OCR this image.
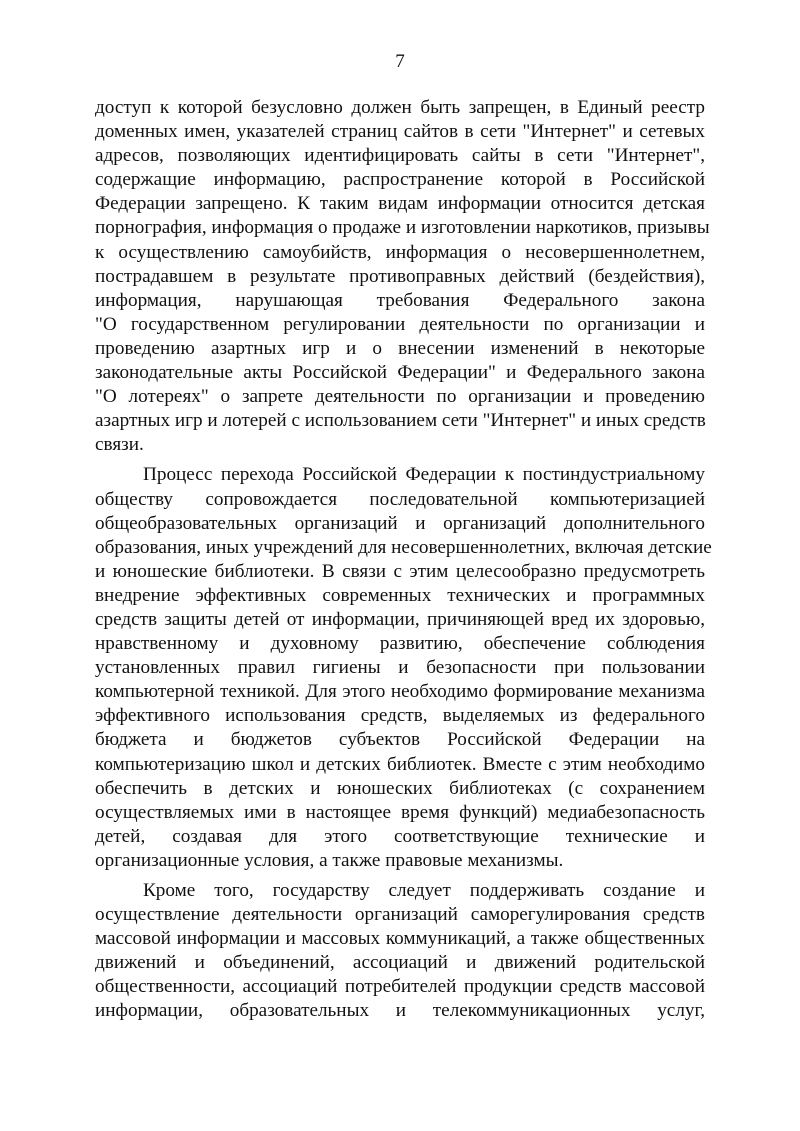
7
доступ к которой безусловно должен быть запрещен, в Единый реестр
доменных имен, указателей страниц сайтов в сети "Интернет" и сетевых
адресов, позволяющих идентифицировать сайты в сети "Интернет",
содержащие информацию, распространение которой в Российской
Федерации запрещено. К таким видам информации относится детская
порнография, информация о продаже и изготовлении наркотиков, призывы
к осуществлению самоубийств, информация о несовершеннолетнем,
пострадавшем в результате противоправных действий (бездействия),
информация, нарушающая требования Федерального закона
"О государственном регулировании деятельности по организации и
проведению азартных игр и о внесении изменений в некоторые
законодательные акты Российской Федерации" и Федерального закона
"О лотереях" о запрете деятельности по организации и проведению
азартных игр и лотерей с использованием сети "Интернет" и иных средств
связи.
Процесс перехода Российской Федерации к постиндустриальному
обществу сопровождается последовательной компьютеризацией
общеобразовательных организаций и организаций дополнительного
образования, иных учреждений для несовершеннолетних, включая детские
и юношеские библиотеки. В связи с этим целесообразно предусмотреть
внедрение эффективных современных технических и программных
средств защиты детей от информации, причиняющей вред их здоровью,
нравственному и духовному развитию, обеспечение соблюдения
установленных правил гигиены и безопасности при пользовании
компьютерной техникой. Для этого необходимо формирование механизма
эффективного использования средств, выделяемых из федерального
бюджета и бюджетов субъектов Российской Федерации на
компьютеризацию школ и детских библиотек. Вместе с этим необходимо
обеспечить в детских и юношеских библиотеках (с сохранением
осуществляемых ими в настоящее время функций) медиабезопасность
детей, создавая для этого соответствующие технические и
организационные условия, а также правовые механизмы.
Кроме того, государству следует поддерживать создание и
осуществление деятельности организаций саморегулирования средств
массовой информации и массовых коммуникаций, а также общественных
движений и объединений, ассоциаций и движений родительской
общественности, ассоциаций потребителей продукции средств массовой
информации, образовательных и телекоммуникационных услуг,
